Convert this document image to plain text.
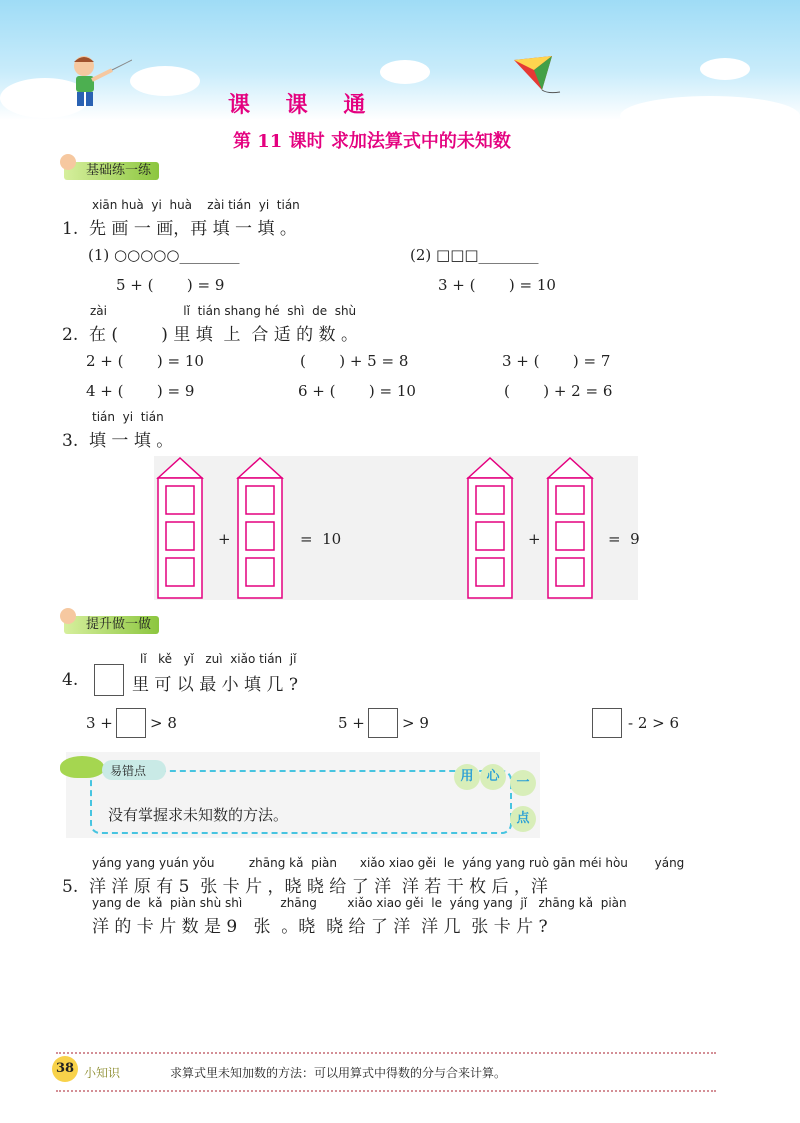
课 课 通
第 11 课时 求加法算式中的未知数
基础练一练
xiān huà  yi  huà    zài tián  yi  tián
1.  先 画 一 画，再 填 一 填 。
(1) ○○○○○________
5 + (       ) = 9
(2) □□□________
3 + (       ) = 10
zài                    lǐ  tián shang hé  shì  de  shù
2.  在 (        ) 里 填  上  合 适 的 数 。
2 + (       ) = 10	(       ) + 5 = 8	3 + (       ) = 7
4 + (       ) = 9	6 + (       ) = 10	(       ) + 2 = 6
tián  yi  tián
3.  填 一 填 。
+	=  10	+	=  9
提升做一做
lǐ   kě   yǐ   zuì  xiǎo tián  jǐ
4.	里 可 以 最 小 填 几 ?
3 + > 8	5 + > 9	- 2 > 6
易错点
没有掌握求未知数的方法。
用 心	一
点
yáng yang yuán yǒu         zhāng kǎ  piàn      xiǎo xiao gěi  le  yáng yang ruò gān méi hòu       yáng
5.  洋 洋 原 有 5  张 卡 片 ，晓 晓 给 了 洋  洋 若 干 枚 后 ，洋
yang de  kǎ  piàn shù shì          zhāng        xiǎo xiao gěi  le  yáng yang  jǐ   zhāng kǎ  piàn
洋 的 卡 片 数 是 9   张  。晓  晓 给 了 洋  洋 几  张 卡 片 ?
38 小知识	求算式里未知加数的方法：可以用算式中得数的分与合来计算。
